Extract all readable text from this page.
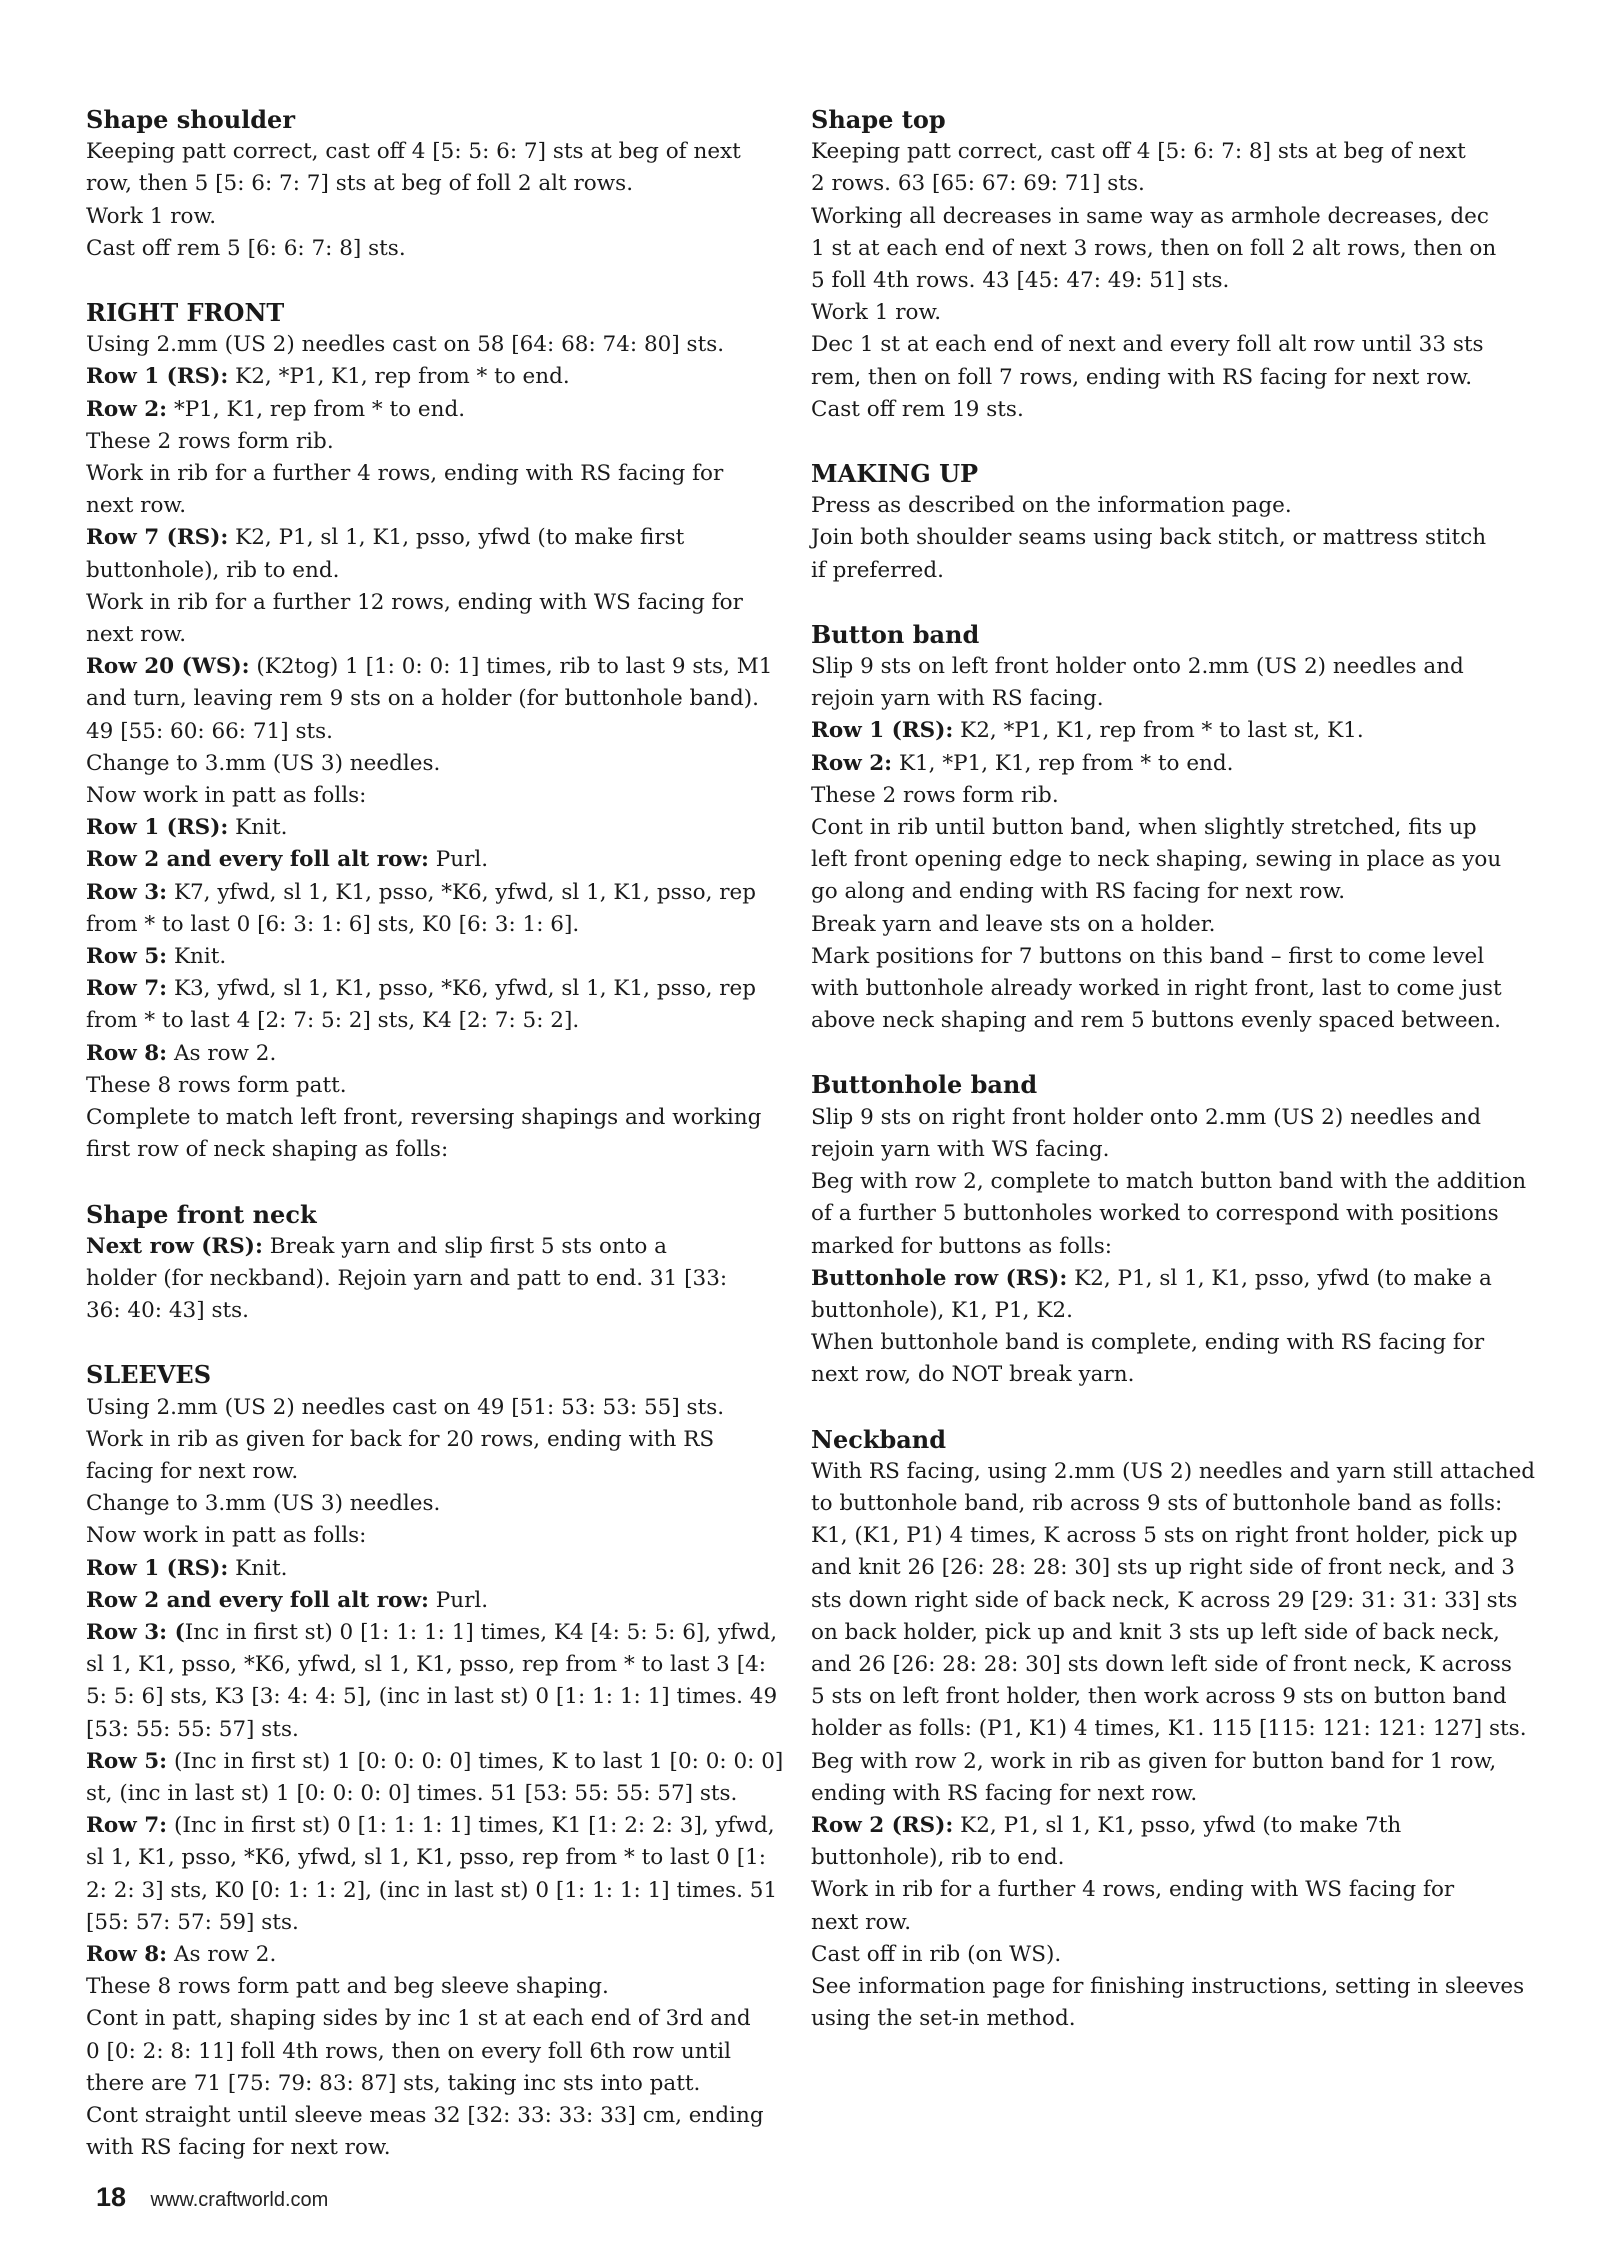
Shape shoulder
Keeping patt correct, cast off 4 [5: 5: 6: 7] sts at beg of next
row, then 5 [5: 6: 7: 7] sts at beg of foll 2 alt rows.
Work 1 row.
Cast off rem 5 [6: 6: 7: 8] sts.
RIGHT FRONT
Using 2.mm (US 2) needles cast on 58 [64: 68: 74: 80] sts.
Row 1 (RS): K2, *P1, K1, rep from * to end.
Row 2: *P1, K1, rep from * to end.
These 2 rows form rib.
Work in rib for a further 4 rows, ending with RS facing for
next row.
Row 7 (RS): K2, P1, sl 1, K1, psso, yfwd (to make first
buttonhole), rib to end.
Work in rib for a further 12 rows, ending with WS facing for
next row.
Row 20 (WS): (K2tog) 1 [1: 0: 0: 1] times, rib to last 9 sts, M1
and turn, leaving rem 9 sts on a holder (for buttonhole band).
49 [55: 60: 66: 71] sts.
Change to 3.mm (US 3) needles.
Now work in patt as folls:
Row 1 (RS): Knit.
Row 2 and every foll alt row: Purl.
Row 3: K7, yfwd, sl 1, K1, psso, *K6, yfwd, sl 1, K1, psso, rep
from * to last 0 [6: 3: 1: 6] sts, K0 [6: 3: 1: 6].
Row 5: Knit.
Row 7: K3, yfwd, sl 1, K1, psso, *K6, yfwd, sl 1, K1, psso, rep
from * to last 4 [2: 7: 5: 2] sts, K4 [2: 7: 5: 2].
Row 8: As row 2.
These 8 rows form patt.
Complete to match left front, reversing shapings and working
first row of neck shaping as folls:
Shape front neck
Next row (RS): Break yarn and slip first 5 sts onto a
holder (for neckband). Rejoin yarn and patt to end. 31 [33:
36: 40: 43] sts.
SLEEVES
Using 2.mm (US 2) needles cast on 49 [51: 53: 53: 55] sts.
Work in rib as given for back for 20 rows, ending with RS
facing for next row.
Change to 3.mm (US 3) needles.
Now work in patt as folls:
Row 1 (RS): Knit.
Row 2 and every foll alt row: Purl.
Row 3: (Inc in first st) 0 [1: 1: 1: 1] times, K4 [4: 5: 5: 6], yfwd,
sl 1, K1, psso, *K6, yfwd, sl 1, K1, psso, rep from * to last 3 [4:
5: 5: 6] sts, K3 [3: 4: 4: 5], (inc in last st) 0 [1: 1: 1: 1] times. 49
[53: 55: 55: 57] sts.
Row 5: (Inc in first st) 1 [0: 0: 0: 0] times, K to last 1 [0: 0: 0: 0]
st, (inc in last st) 1 [0: 0: 0: 0] times. 51 [53: 55: 55: 57] sts.
Row 7: (Inc in first st) 0 [1: 1: 1: 1] times, K1 [1: 2: 2: 3], yfwd,
sl 1, K1, psso, *K6, yfwd, sl 1, K1, psso, rep from * to last 0 [1:
2: 2: 3] sts, K0 [0: 1: 1: 2], (inc in last st) 0 [1: 1: 1: 1] times. 51
[55: 57: 57: 59] sts.
Row 8: As row 2.
These 8 rows form patt and beg sleeve shaping.
Cont in patt, shaping sides by inc 1 st at each end of 3rd and
0 [0: 2: 8: 11] foll 4th rows, then on every foll 6th row until
there are 71 [75: 79: 83: 87] sts, taking inc sts into patt.
Cont straight until sleeve meas 32 [32: 33: 33: 33] cm, ending
with RS facing for next row.
Shape top
Keeping patt correct, cast off 4 [5: 6: 7: 8] sts at beg of next
2 rows. 63 [65: 67: 69: 71] sts.
Working all decreases in same way as armhole decreases, dec
1 st at each end of next 3 rows, then on foll 2 alt rows, then on
5 foll 4th rows. 43 [45: 47: 49: 51] sts.
Work 1 row.
Dec 1 st at each end of next and every foll alt row until 33 sts
rem, then on foll 7 rows, ending with RS facing for next row.
Cast off rem 19 sts.
MAKING UP
Press as described on the information page.
Join both shoulder seams using back stitch, or mattress stitch
if preferred.
Button band
Slip 9 sts on left front holder onto 2.mm (US 2) needles and
rejoin yarn with RS facing.
Row 1 (RS): K2, *P1, K1, rep from * to last st, K1.
Row 2: K1, *P1, K1, rep from * to end.
These 2 rows form rib.
Cont in rib until button band, when slightly stretched, fits up
left front opening edge to neck shaping, sewing in place as you
go along and ending with RS facing for next row.
Break yarn and leave sts on a holder.
Mark positions for 7 buttons on this band – first to come level
with buttonhole already worked in right front, last to come just
above neck shaping and rem 5 buttons evenly spaced between.
Buttonhole band
Slip 9 sts on right front holder onto 2.mm (US 2) needles and
rejoin yarn with WS facing.
Beg with row 2, complete to match button band with the addition
of a further 5 buttonholes worked to correspond with positions
marked for buttons as folls:
Buttonhole row (RS): K2, P1, sl 1, K1, psso, yfwd (to make a
buttonhole), K1, P1, K2.
When buttonhole band is complete, ending with RS facing for
next row, do NOT break yarn.
Neckband
With RS facing, using 2.mm (US 2) needles and yarn still attached
to buttonhole band, rib across 9 sts of buttonhole band as folls:
K1, (K1, P1) 4 times, K across 5 sts on right front holder, pick up
and knit 26 [26: 28: 28: 30] sts up right side of front neck, and 3
sts down right side of back neck, K across 29 [29: 31: 31: 33] sts
on back holder, pick up and knit 3 sts up left side of back neck,
and 26 [26: 28: 28: 30] sts down left side of front neck, K across
5 sts on left front holder, then work across 9 sts on button band
holder as folls: (P1, K1) 4 times, K1. 115 [115: 121: 121: 127] sts.
Beg with row 2, work in rib as given for button band for 1 row,
ending with RS facing for next row.
Row 2 (RS): K2, P1, sl 1, K1, psso, yfwd (to make 7th
buttonhole), rib to end.
Work in rib for a further 4 rows, ending with WS facing for
next row.
Cast off in rib (on WS).
See information page for finishing instructions, setting in sleeves
using the set-in method.
18 www.craftworld.com
